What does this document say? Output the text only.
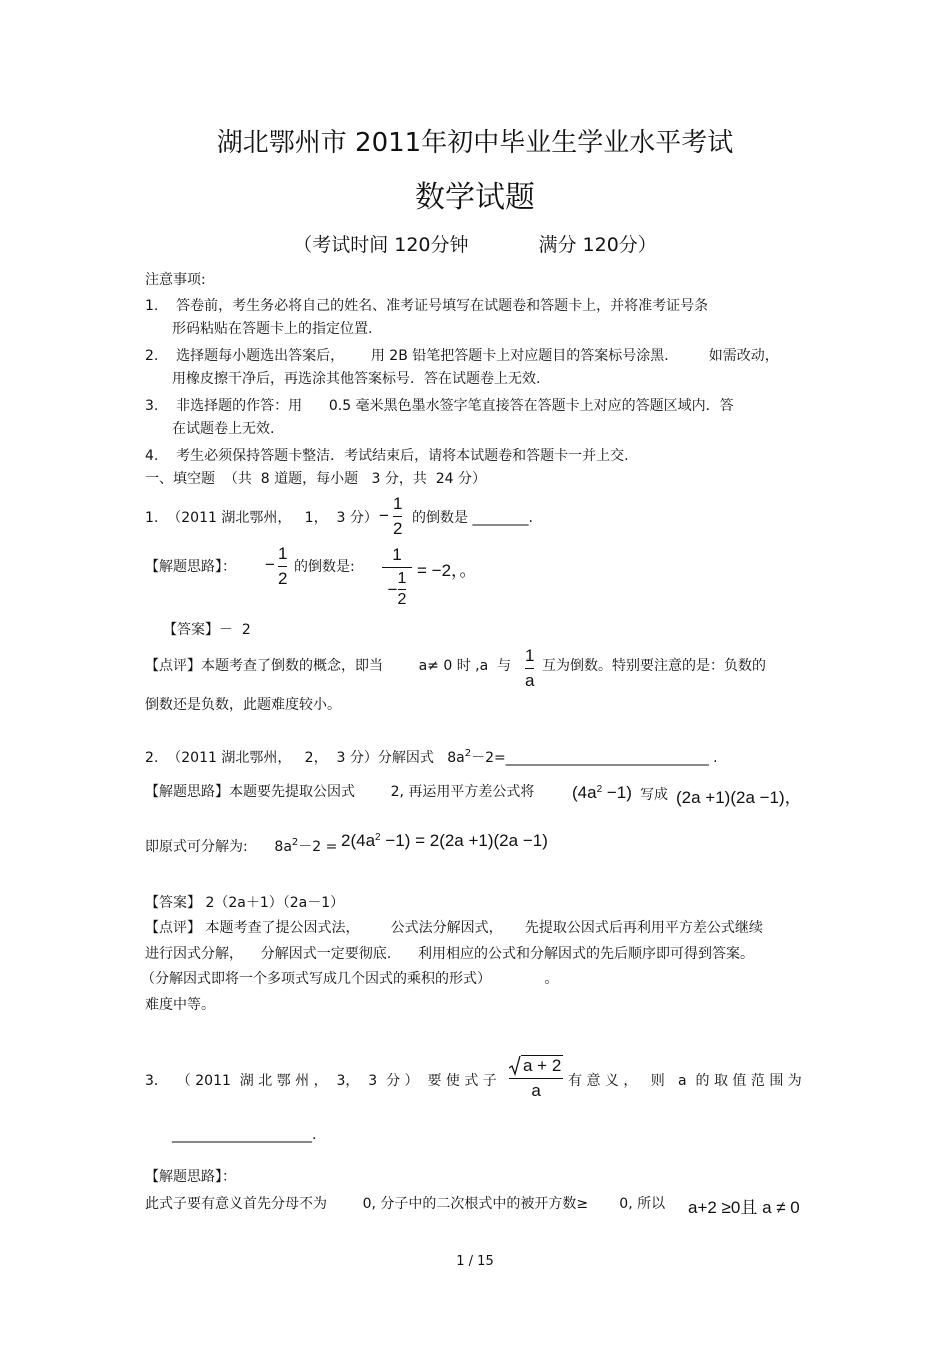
湖北鄂州市 2011年初中毕业生学业水平考试
数学试题
（考试时间 120分钟	满分 120分）
注意事项:
1.    答卷前，考生务必将自己的姓名、准考证号填写在试题卷和答题卡上，并将准考证号条
形码粘贴在答题卡上的指定位置.
2.    选择题每小题选出答案后，      用 2B 铅笔把答题卡上对应题目的答案标号涂黑.         如需改动，
用橡皮擦干净后，再选涂其他答案标号．答在试题卷上无效.
3.    非选择题的作答：用      0.5 毫米黑色墨水签字笔直接答在答题卡上对应的答题区域内．答
在试题卷上无效.
4.    考生必须保持答题卡整洁．考试结束后，请将本试题卷和答题卡一并上交.
一、填空题  （共  8 道题，每小题   3 分，共  24 分）
1.  （2011 湖北鄂州，   1，  3 分） −
1
2
的倒数是 ________.
【解题思路】： −
1
2
的倒数是:
1
−
1
2
= −2，。
【答案】－  2
【点评】本题考查了倒数的概念，即当        a≠ 0 时 ,a  与
1
a
互为倒数。特别要注意的是：负数的
倒数还是负数，此题难度较小。
2.  （2011 湖北鄂州，   2，  3 分）分解因式   $8a^2-2=\_\_\_\_\_\_\_\_\_\_\_\_\_\_\_\_\_\_\_\_\_\_\_\_\_\_\_\_\_$ .
【解题思路】本题要先提取公因式        2, 再运用平方差公式将 $(4a^2 -1)$ 写成 (2a +1)(2a −1)，
即原式可分解为:      $8a^2-2 = 2(4a^2 -1) = 2(2a +1)(2a -1)$
【答案】 2（2a＋1）（2a－1）
【点评】 本题考查了提公因式法，       公式法分解因式，     先提取公因式后再利用平方差公式继续
进行因式分解，    分解因式一定要彻底.      利用相应的公式和分解因式的先后顺序即可得到答案。
（分解因式即将一个多项式写成几个因式的乘积的形式）            。
难度中等。
3．  （ 2011  湖 北 鄂 州 ，  3，  3  分 ）  要 使 式 子
a + 2
a 有 意 义 ，   则   a  的 取 值 范 围 为
____________________.
【解题思路】：
此式子要有意义首先分母不为        0, 分子中的二次根式中的被开方数≥       0, 所以 a+2 ≥0且 a ≠ 0
1 / 15
